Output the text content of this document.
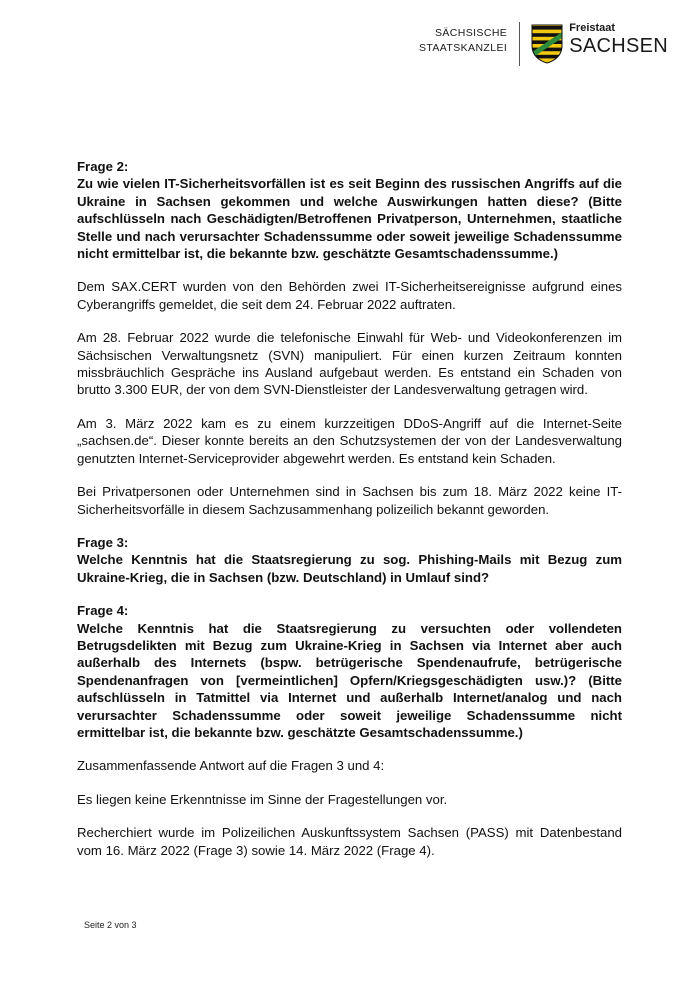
SÄCHSISCHE
STAATSKANZLEI
Freistaat
SACHSEN

Frage 2:

Zu wie vielen IT-Sicherheitsvorfällen ist es seit Beginn des russischen Angriffs auf die Ukraine in Sachsen gekommen und welche Auswirkungen hatten diese? (Bitte aufschlüsseln nach Geschädigten/Betroffenen Privatperson, Unternehmen, staatliche Stelle und nach verursachter Schadenssumme oder soweit jeweilige Schadenssumme nicht ermittelbar ist, die bekannte bzw. geschätzte Gesamtschadenssumme.)

Dem SAX.CERT wurden von den Behörden zwei IT-Sicherheitsereignisse aufgrund eines Cyberangriffs gemeldet, die seit dem 24. Februar 2022 auftraten.

Am 28. Februar 2022 wurde die telefonische Einwahl für Web- und Videokonferenzen im Sächsischen Verwaltungsnetz (SVN) manipuliert. Für einen kurzen Zeitraum konnten missbräuchlich Gespräche ins Ausland aufgebaut werden. Es entstand ein Schaden von brutto 3.300 EUR, der von dem SVN-Dienstleister der Landesverwaltung getragen wird.

Am 3. März 2022 kam es zu einem kurzzeitigen DDoS-Angriff auf die Internet-Seite „sachsen.de“. Dieser konnte bereits an den Schutzsystemen der von der Landesverwaltung genutzten Internet-Serviceprovider abgewehrt werden. Es entstand kein Schaden.

Bei Privatpersonen oder Unternehmen sind in Sachsen bis zum 18. März 2022 keine IT-Sicherheitsvorfälle in diesem Sachzusammenhang polizeilich bekannt geworden.

Frage 3:

Welche Kenntnis hat die Staatsregierung zu sog. Phishing-Mails mit Bezug zum Ukraine-Krieg, die in Sachsen (bzw. Deutschland) in Umlauf sind?

Frage 4:

Welche Kenntnis hat die Staatsregierung zu versuchten oder vollendeten Betrugsdelikten mit Bezug zum Ukraine-Krieg in Sachsen via Internet aber auch außerhalb des Internets (bspw. betrügerische Spendenaufrufe, betrügerische Spendenanfragen von [vermeintlichen] Opfern/Kriegsgeschädigten usw.)? (Bitte aufschlüsseln in Tatmittel via Internet und außerhalb Internet/analog und nach verursachter Schadenssumme oder soweit jeweilige Schadenssumme nicht ermittelbar ist, die bekannte bzw. geschätzte Gesamtschadenssumme.)

Zusammenfassende Antwort auf die Fragen 3 und 4:

Es liegen keine Erkenntnisse im Sinne der Fragestellungen vor.

Recherchiert wurde im Polizeilichen Auskunftssystem Sachsen (PASS) mit Datenbestand vom 16. März 2022 (Frage 3) sowie 14. März 2022 (Frage 4).

Seite 2 von 3
